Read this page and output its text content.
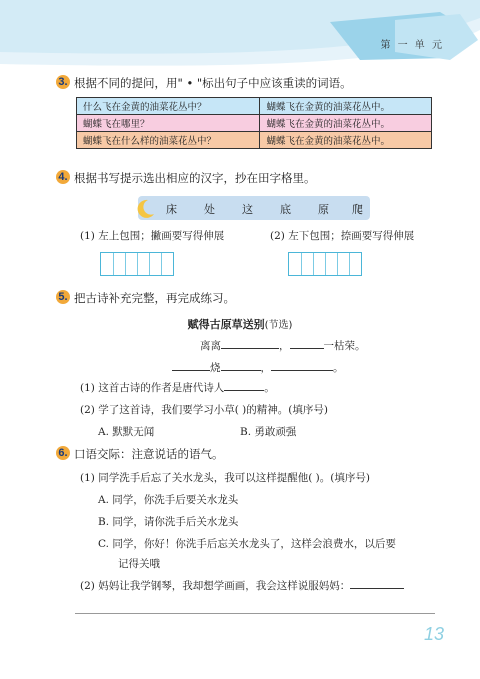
第 一 单 元
3. 根据不同的提问，用" • "标出句子中应该重读的词语。
什么飞在金黄的油菜花丛中？	蝴蝶飞在金黄的油菜花丛中。
蝴蝶飞在哪里？	蝴蝶飞在金黄的油菜花丛中。
蝴蝶飞在什么样的油菜花丛中？	蝴蝶飞在金黄的油菜花丛中。
4. 根据书写提示选出相应的汉字，抄在田字格里。
床 处 这 底 原 爬
(1) 左上包围；撇画要写得伸展	(2) 左下包围；捺画要写得伸展
5. 把古诗补充完整，再完成练习。
赋得古原草送别(节选)
离离	，	一枯荣。
烧	，	。
(1) 这首古诗的作者是唐代诗人	。
(2) 学了这首诗，我们要学习小草( )的精神。(填序号)
A. 默默无闻	B. 勇敢顽强
6. 口语交际：注意说话的语气。
(1) 同学洗手后忘了关水龙头，我可以这样提醒他( )。(填序号)
A. 同学，你洗手后要关水龙头
B. 同学，请你洗手后关水龙头
C. 同学，你好！你洗手后忘关水龙头了，这样会浪费水，以后要
记得关哦
(2) 妈妈让我学钢琴，我却想学画画，我会这样说服妈妈：
13
